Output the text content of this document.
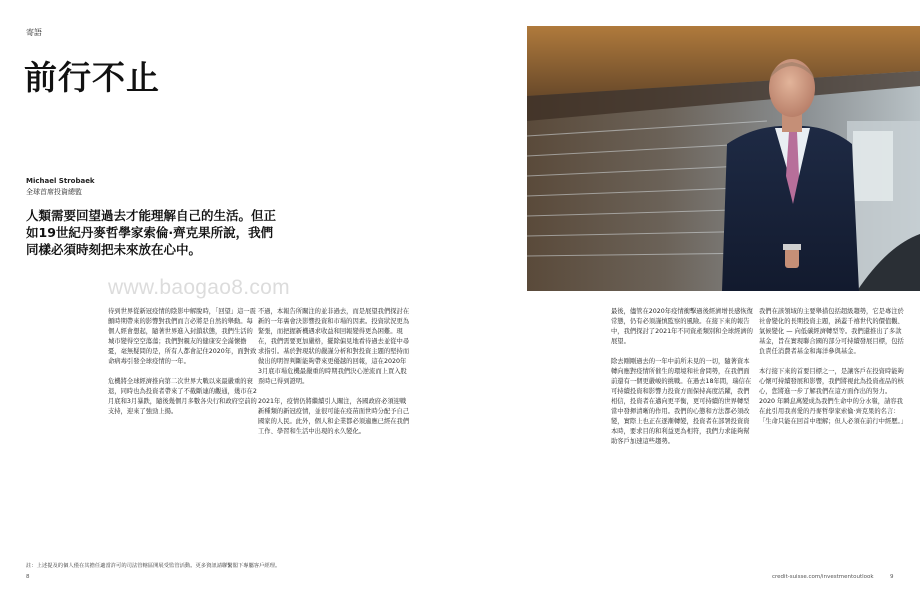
寄語
前行不止
Michael Strobaek
全球首席投資總監
人類需要回望過去才能理解自己的生活。但正如19世紀丹麥哲學家索倫·齊克果所說，我們同樣必須時刻把未來放在心中。
www.baogao8.com

待到世界從新冠疫情的陰影中解脫時，「回望」這一震顫時期帶來的影響對我們而言必將是自然的舉動。每個人經會想起，隨著世界進入封鎖狀態，我們生活的城市變得空空蕩蕩；我們對親友的健康安全滿懷擔憂，毫無疑問的是，所有人都會記住2020年，面對致命病毒引發全球疫情的一年。

危機將全球經濟推向第二次世界大戰以來最嚴重的衰退，同時也為投資者帶來了不截斷連的觀通，幾市在2月底和3月暴跌，隨後幾個月多數各央行和政府空前的支持，迎來了強勁上揚。

不過，本報告所關注的並非過去，而是展望我們探討在新的一年裏會決影響投資和市場的因素。投資狀況更為緊張，而把握新機遇求收益和回報變得更為困難。現在，我們需要更加嚴格，擺除偏見地看待過去並從中尋求指引。基於對現狀的嚴謹分析和對投資主題的堅持而做出的明智判斷能夠帶來更優越的回報，這在2020年3月底市場危機最嚴重的時期我們決心逆流而上買入股票時已得到證明。

2021年，疫情仍將繼續引人關注，各國政府必須迎戰新種類的新冠疫情，並很可能在疫苗面世時分配予自己國家的人民。此外，個人和企業都必須適應已經在我們工作、學習和生活中出現的永久變化。

最後，儘管在2020年疫情衝擊過後經濟增長感恢復常態，仍有必須謹慎監察的風險。在接下來的報告中，我們探討了2021年不同資產類別和全球經濟的展望。

除去剛剛過去的一年中前所未見的一切，隨著資本轉向應對疫情所催生的環境和社會問勢，在我們面前還有一個更嚴峻的挑戰。在過去18年間，瑞信在可持續投資和影響力投資方面保持高度活躍，我們相信，投資者在邁向更平衡，更可持續的世界轉型當中發揮清晰的作用。我們的心態和方法都必須改變，實際上也正在逐漸轉變，投資者在部署投資資本時，要求目的和利益更為相符，我們力求能夠幫助客戶加速這些趨勢。

我們在該領域的主要舉措包括超級趨勢，它是專注於社會變化的長期投資主題，涵蓋千禧世代的價值觀、氣候變化 — 向低碳經濟轉型等。我們還推出了多款基金，旨在實現聯合國的部分可持續發展目標，包括負責任消費者基金和海洋參與基金。

本行接下來的首要目標之一，是讓客戶在投資時能夠心懷可持續發展和影響，我們將視此為投資產品的核心，您將進一步了解我們在這方面作出的努力。2020 年瞬息萬變成為我們生命中的分水嶺，請容我在此引用我喜愛的丹麥哲學家索倫·齊克果的名言：「生命只能在回首中理解；但人必須在前行中經歷。」

註：上述提及的個人僅在其擔任適當許可的司法管轄區開展受監管活動。更多資訊請聯繫閣下專屬客戶經理。
8	credit-suisse.com/investmentoutlook	9
